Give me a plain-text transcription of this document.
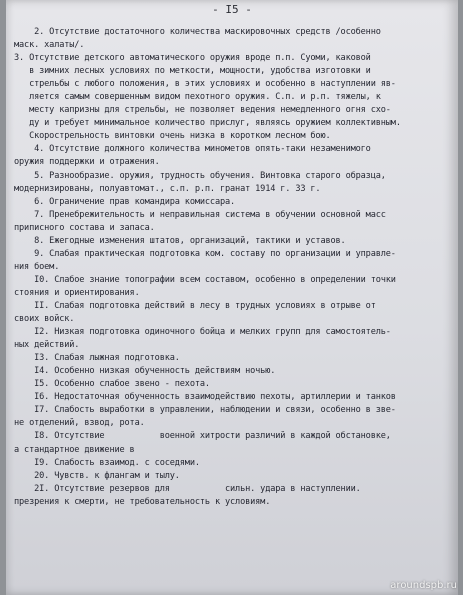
- I5 -
2. Отсутствие достаточного количества маскировочных средств /особенно
маск. халаты/.
3. Отсутствие детского автоматического оружия вроде п.п. Суоми, каковой
в зимних лесных условиях по меткости, мощности, удобства изготовки и
стрельбы с любого положения, в этих условиях и особенно в наступлении яв-
ляется самым совершенным видом пехотного оружия. С.п. и р.п. тяжелы, к
месту капризны для стрельбы, не позволяет ведения немедленного огня схо-
ду и требует минимальное количество прислуг, являясь оружием коллективным.
Скорострельность винтовки очень низка в коротком лесном бою.
4. Отсутствие должного количества минометов опять-таки незаменимого
оружия поддержки и отражения.
5. Разнообразие. оружия, трудность обучения. Винтовка старого образца,
модернизированы, полуавтомат., с.п. р.п. гранат 1914 г. 33 г.
6. Ограничение прав командира комиссара.
7. Пренебрежительность и неправильная система в обучении основной масс
приписного состава и запаса.
8. Ежегодные изменения штатов, организаций, тактики и уставов.
9. Слабая практическая подготовка ком. составу по организации и управле-
ния боем.
I0. Слабое знание топографии всем составом, особенно в определении точки
стояния и ориентирования.
II. Слабая подготовка действий в лесу в трудных условиях в отрыве от
своих войск.
I2. Низкая подготовка одиночного бойца и мелких групп для самостоятель-
ных действий.
I3. Слабая лыжная подготовка.
I4. Особенно низкая обученность действиям ночью.
I5. Особенно слабое звено - пехота.
I6. Недостаточная обученность взаимодействию пехоты, артиллерии и танков
I7. Слабость выработки в управлении, наблюдении и связи, особенно в зве-
не отделений, взвод, рота.
I8. Отсутствие           военной хитрости различий в каждой обстановке,
а стандартное движение в
I9. Слабость взаимод. с соседями.
20. Чувств. к флангам и тылу.
2I. Отсутствие резервов для           сильн. удара в наступлении.
презрения к смерти, не требовательность к условиям.
aroundspb.ru
